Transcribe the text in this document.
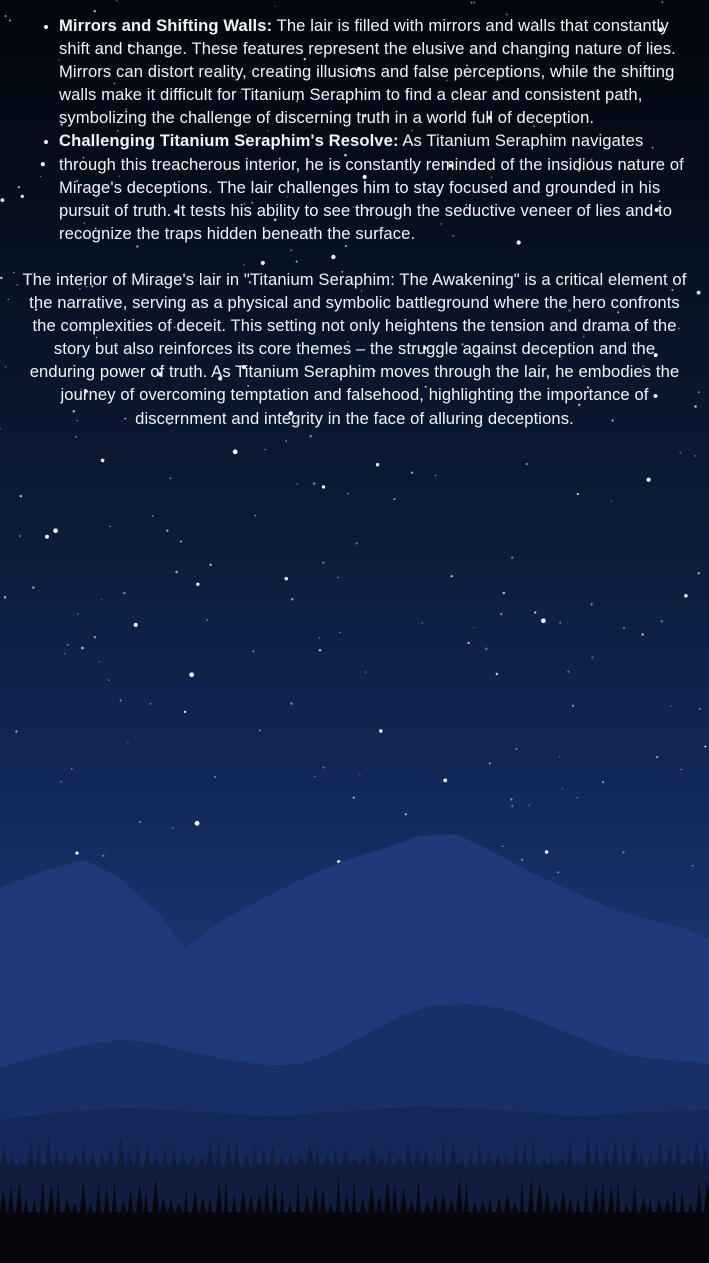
• Mirrors and Shifting Walls: The lair is filled with mirrors and walls that constantly shift and change. These features represent the elusive and changing nature of lies. Mirrors can distort reality, creating illusions and false perceptions, while the shifting walls make it difficult for Titanium Seraphim to find a clear and consistent path, symbolizing the challenge of discerning truth in a world full of deception.
• Challenging Titanium Seraphim's Resolve: As Titanium Seraphim navigates through this treacherous interior, he is constantly reminded of the insidious nature of Mirage's deceptions. The lair challenges him to stay focused and grounded in his pursuit of truth. It tests his ability to see through the seductive veneer of lies and to recognize the traps hidden beneath the surface.

The interior of Mirage's lair in "Titanium Seraphim: The Awakening" is a critical element of the narrative, serving as a physical and symbolic battleground where the hero confronts the complexities of deceit. This setting not only heightens the tension and drama of the story but also reinforces its core themes – the struggle against deception and the enduring power of truth. As Titanium Seraphim moves through the lair, he embodies the journey of overcoming temptation and falsehood, highlighting the importance of discernment and integrity in the face of alluring deceptions.
